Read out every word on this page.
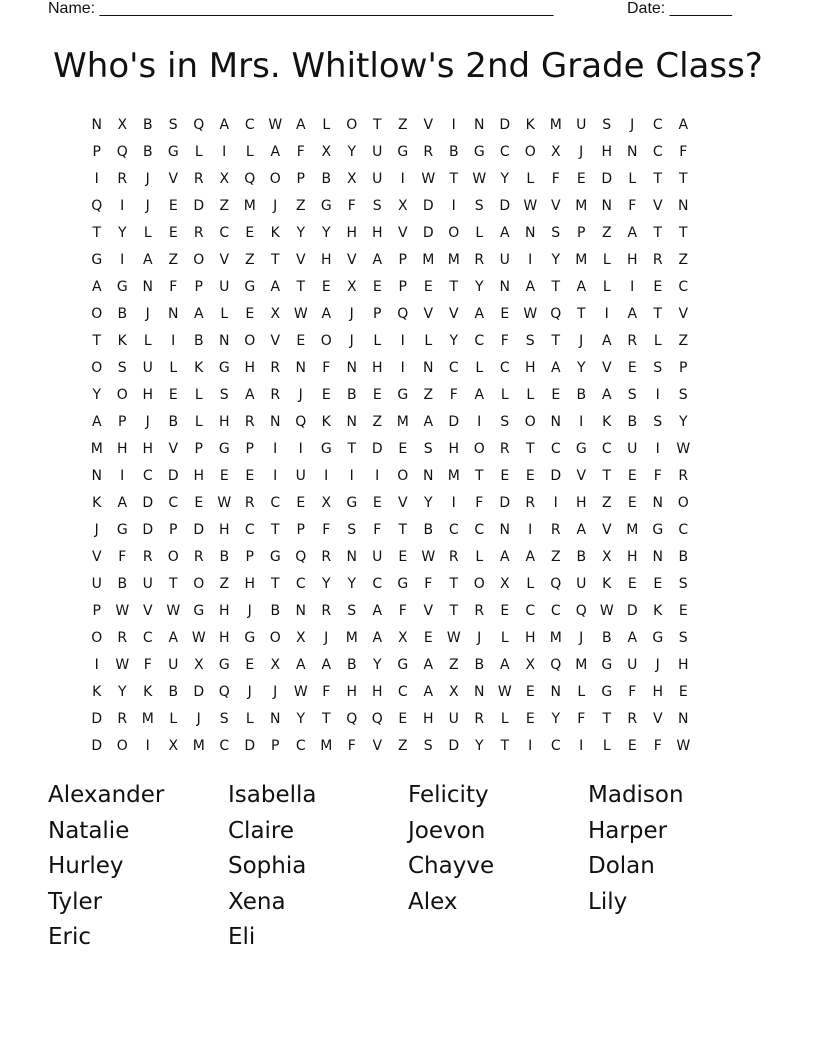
Name: ___________________________________________________	Date: _______
Who's in Mrs. Whitlow's 2nd Grade Class?
N	X	B	S	Q	A	C W A	L	O	T	Z	V	I	N	D	K	M	U	S	J	C	A
P	Q	B	G	L	I	L	A	F	X	Y	U	G	R	B	G	C	O	X	J	H	N	C	F
I	R	J	V	R	X	Q	O	P	B	X	U	I	W	T	W	Y	L	F	E	D	L	T	T
Q	I	J	E	D	Z	M	J	Z	G	F	S	X	D	I	S	D W V	M	N	F	V	N
T	Y	L	E	R	C	E	K	Y	Y	H	H	V	D	O	L	A	N	S	P	Z	A	T	T
G	I	A	Z	O	V	Z	T	V	H	V	A	P	M M	R	U	I	Y	M	L	H	R	Z
A	G	N	F	P	U	G	A	T	E	X	E	P	E	T	Y	N	A	T	A	L	I	E	C
O	B	J	N	A	L	E	X W A	J	P	Q	V	V	A	E	W Q	T	I	A	T	V
T	K	L	I	B	N	O	V	E	O	J	L	I	L	Y	C	F	S	T	J	A	R	L	Z
O	S	U	L	K	G	H	R	N	F	N	H	I	N	C	L	C	H	A	Y	V	E	S	P
Y	O	H	E	L	S	A	R	J	E	B	E	G	Z	F	A	L	L	E	B	A	S	I	S
A	P	J	B	L	H	R	N	Q	K	N	Z	M	A	D	I	S	O	N	I	K	B	S	Y
M	H	H	V	P	G	P	I	I	G	T	D	E	S	H	O	R	T	C	G	C	U	I	W
N	I	C	D	H	E	E	I	U	I	I	I	O	N	M	T	E	E	D	V	T	E	F	R
K	A	D	C	E	W R	C	E	X	G	E	V	Y	I	F	D	R	I	H	Z	E	N	O
J	G	D	P	D	H	C	T	P	F	S	F	T	B	C	C	N	I	R	A	V	M	G	C
V	F	R	O	R	B	P	G	Q	R	N	U	E	W R	L	A	A	Z	B	X	H	N	B
U	B	U	T	O	Z	H	T	C	Y	Y	C	G	F	T	O	X	L	Q	U	K	E	E	S
P	W V W G	H	J	B	N	R	S	A	F	V	T	R	E	C	C	Q W D	K	E
O	R	C	A W H	G	O	X	J	M	A	X	E	W	J	L	H	M	J	B	A	G	S
I	W	F	U	X	G	E	X	A	A	B	Y	G	A	Z	B	A	X	Q M	G	U	J	H
K	Y	K	B	D	Q	J	J	W	F	H	H	C	A	X	N W	E	N	L	G	F	H	E
D	R	M	L	J	S	L	N	Y	T	Q	Q	E	H	U	R	L	E	Y	F	T	R	V	N
D	O	I	X	M	C	D	P	C	M	F	V	Z	S	D	Y	T	I	C	I	L	E	F	W
Alexander	Isabella	Felicity	Madison
Natalie	Claire	Joevon	Harper
Hurley	Sophia	Chayve	Dolan
Tyler	Xena	Alex	Lily
Eric	Eli
